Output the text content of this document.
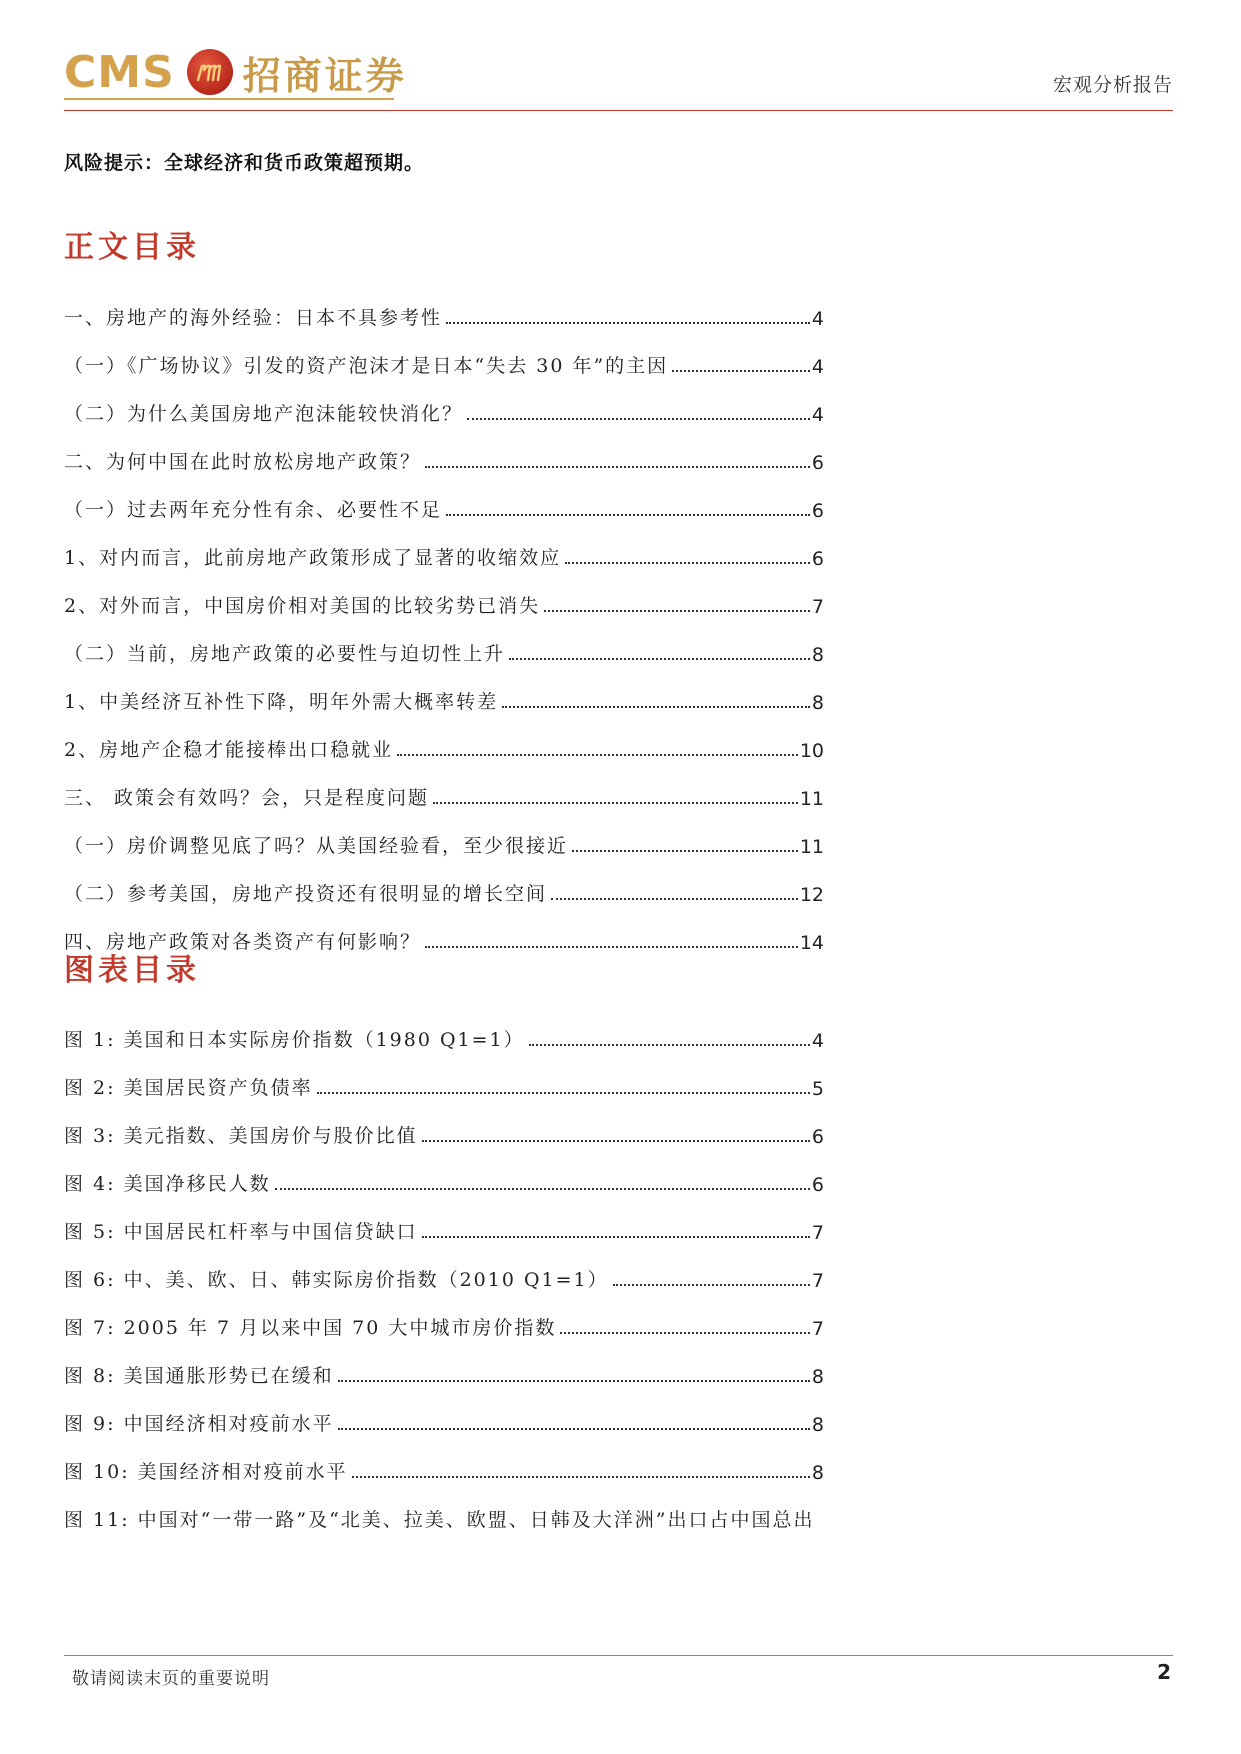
CMS 招商证券	宏观分析报告
风险提示：全球经济和货币政策超预期。
正文目录
一、房地产的海外经验：日本不具参考性	4
（一）《广场协议》引发的资产泡沫才是日本“失去 30 年”的主因	4
（二）为什么美国房地产泡沫能较快消化？	4
二、为何中国在此时放松房地产政策？	6
（一）过去两年充分性有余、必要性不足	6
1、对内而言，此前房地产政策形成了显著的收缩效应	6
2、对外而言，中国房价相对美国的比较劣势已消失	7
（二）当前，房地产政策的必要性与迫切性上升	8
1、中美经济互补性下降，明年外需大概率转差	8
2、房地产企稳才能接棒出口稳就业	10
三、 政策会有效吗？会，只是程度问题	11
（一）房价调整见底了吗？从美国经验看，至少很接近	11
（二）参考美国，房地产投资还有很明显的增长空间	12
四、房地产政策对各类资产有何影响？	14
图表目录
图 1: 美国和日本实际房价指数（1980 Q1=1）	4
图 2: 美国居民资产负债率	5
图 3: 美元指数、美国房价与股价比值	6
图 4: 美国净移民人数	6
图 5: 中国居民杠杆率与中国信贷缺口	7
图 6: 中、美、欧、日、韩实际房价指数（2010 Q1=1）	7
图 7: 2005 年 7 月以来中国 70 大中城市房价指数	7
图 8: 美国通胀形势已在缓和	8
图 9: 中国经济相对疫前水平	8
图 10: 美国经济相对疫前水平	8
图 11: 中国对“一带一路”及“北美、拉美、欧盟、日韩及大洋洲”出口占中国总出
敬请阅读末页的重要说明	2
